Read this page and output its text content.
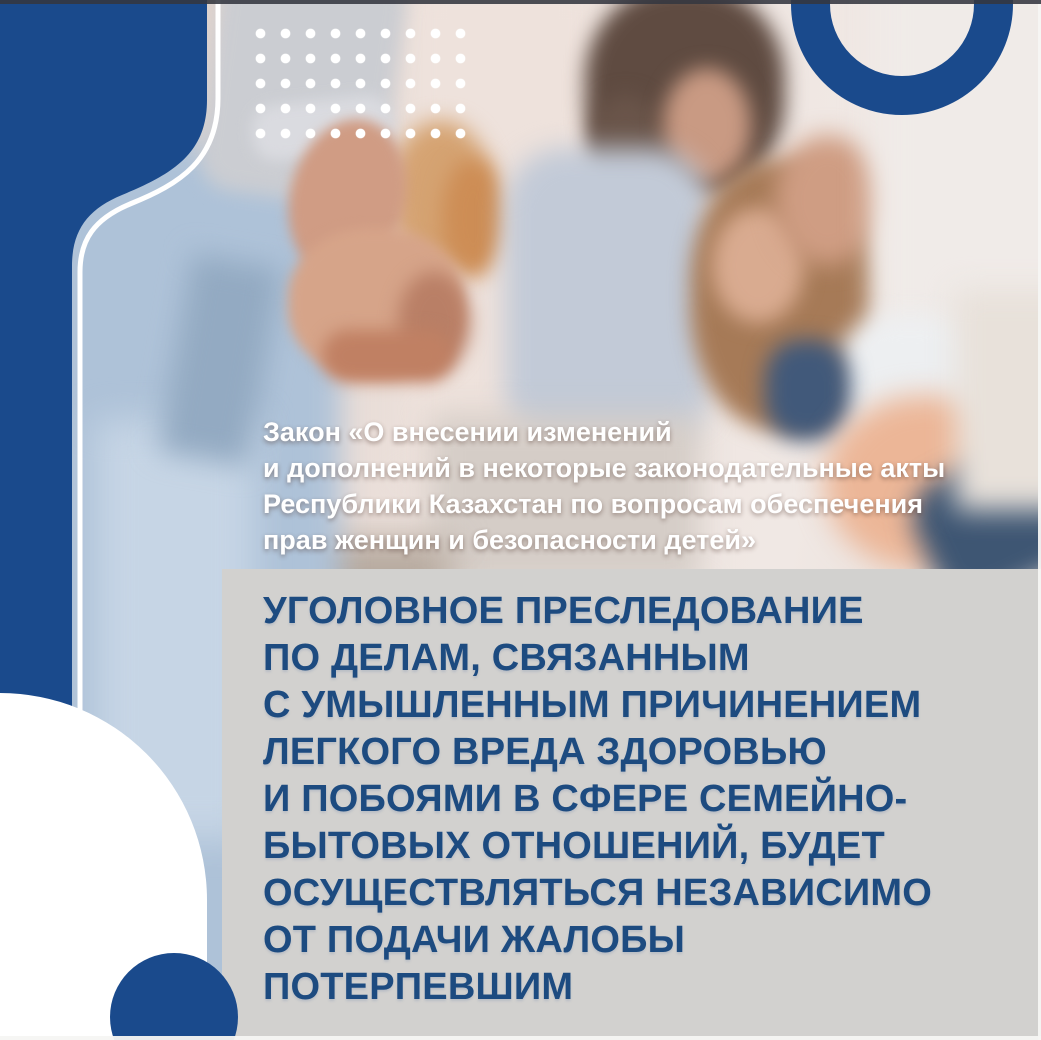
Закон «О внесении изменений
и дополнений в некоторые законодательные акты
Республики Казахстан по вопросам обеспечения
прав женщин и безопасности детей»
УГОЛОВНОЕ ПРЕСЛЕДОВАНИЕ
ПО ДЕЛАМ, СВЯЗАННЫМ
С УМЫШЛЕННЫМ ПРИЧИНЕНИЕМ
ЛЕГКОГО ВРЕДА ЗДОРОВЬЮ
И ПОБОЯМИ В СФЕРЕ СЕМЕЙНО-
БЫТОВЫХ ОТНОШЕНИЙ, БУДЕТ
ОСУЩЕСТВЛЯТЬСЯ НЕЗАВИСИМО
ОТ ПОДАЧИ ЖАЛОБЫ
ПОТЕРПЕВШИМ
